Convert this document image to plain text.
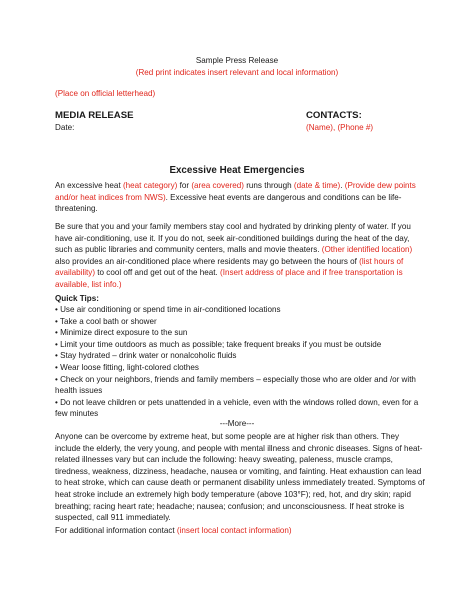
Sample Press Release
(Red print indicates insert relevant and local information)
(Place on official letterhead)
MEDIA RELEASE
Date:
CONTACTS:
(Name), (Phone #)
Excessive Heat Emergencies

An excessive heat (heat category) for (area covered) runs through (date & time). (Provide dew points and/or heat indices from NWS). Excessive heat events are dangerous and conditions can be life-threatening.

Be sure that you and your family members stay cool and hydrated by drinking plenty of water. If you have air-conditioning, use it. If you do not, seek air-conditioned buildings during the heat of the day, such as public libraries and community centers, malls and movie theaters. (Other identified location) also provides an air-conditioned place where residents may go between the hours of (list hours of availability) to cool off and get out of the heat. (Insert address of place and if free transportation is available, list info.)

Quick Tips:
• Use air conditioning or spend time in air-conditioned locations
• Take a cool bath or shower
• Minimize direct exposure to the sun
• Limit your time outdoors as much as possible; take frequent breaks if you must be outside
• Stay hydrated – drink water or nonalcoholic fluids
• Wear loose fitting, light-colored clothes
• Check on your neighbors, friends and family members – especially those who are older and /or with health issues
• Do not leave children or pets unattended in a vehicle, even with the windows rolled down, even for a few minutes
---More---

Anyone can be overcome by extreme heat, but some people are at higher risk than others. They include the elderly, the very young, and people with mental illness and chronic diseases. Signs of heat-related illnesses vary but can include the following: heavy sweating, paleness, muscle cramps, tiredness, weakness, dizziness, headache, nausea or vomiting, and fainting. Heat exhaustion can lead to heat stroke, which can cause death or permanent disability unless immediately treated. Symptoms of heat stroke include an extremely high body temperature (above 103°F); red, hot, and dry skin; rapid breathing; racing heart rate; headache; nausea; confusion; and unconsciousness. If heat stroke is suspected, call 911 immediately.

For additional information contact (insert local contact information)
